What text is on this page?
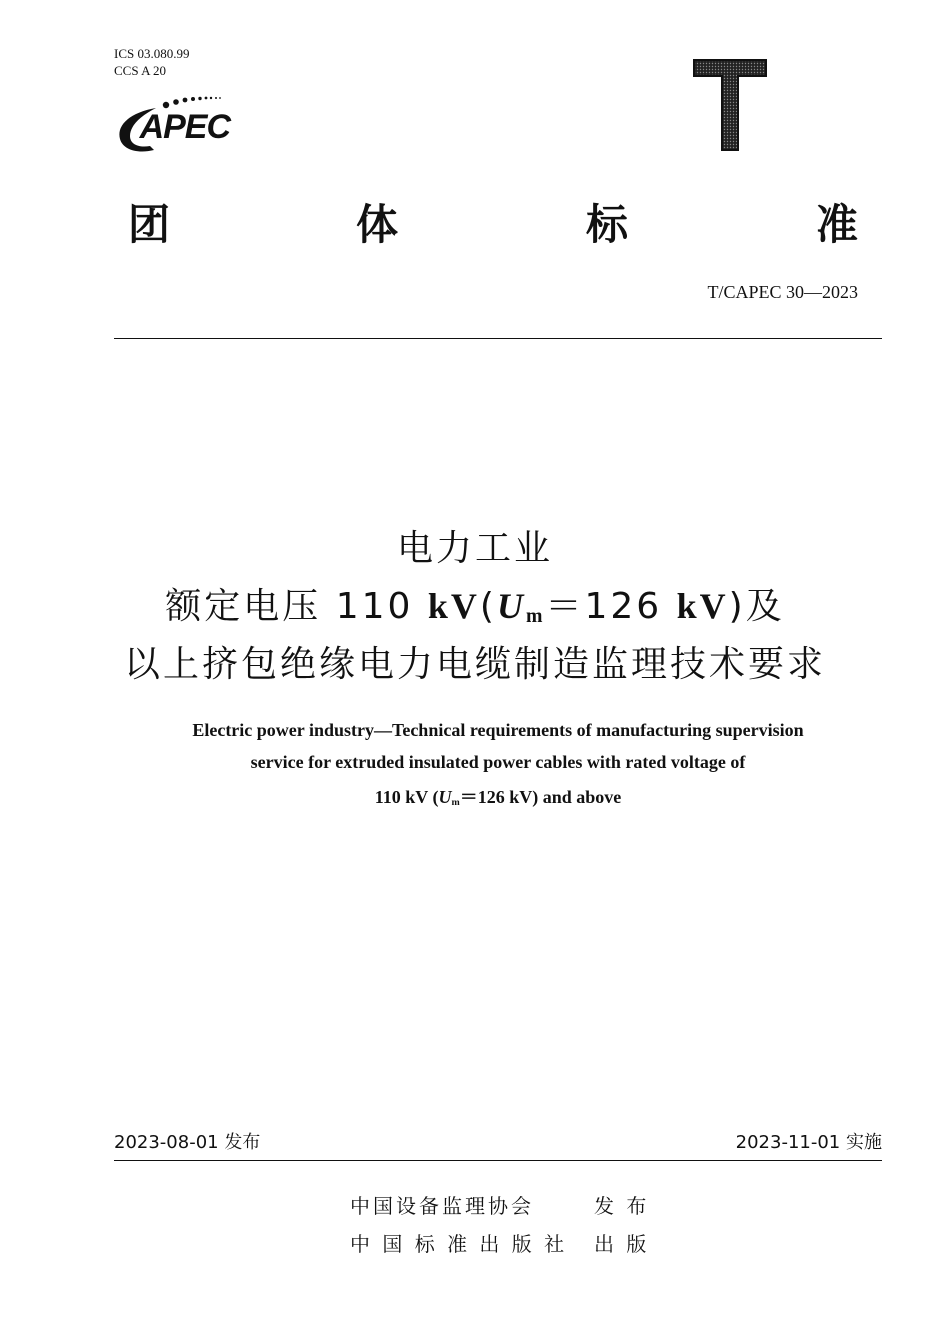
ICS 03.080.99
CCS A 20
APEC
团	体	标	准
T/CAPEC 30—2023
电力工业
额定电压 110 $kV(U_m=126$ kV)及
以上挤包绝缘电力电缆制造监理技术要求
Electric power industry—Technical requirements of manufacturing supervision
service for extruded insulated power cables with rated voltage of
110 kV ($U_m=126$ kV) and above
2023-08-01 发布	2023-11-01 实施
中国设备监理协会	发 布
中 国 标 准 出 版 社 出 版
